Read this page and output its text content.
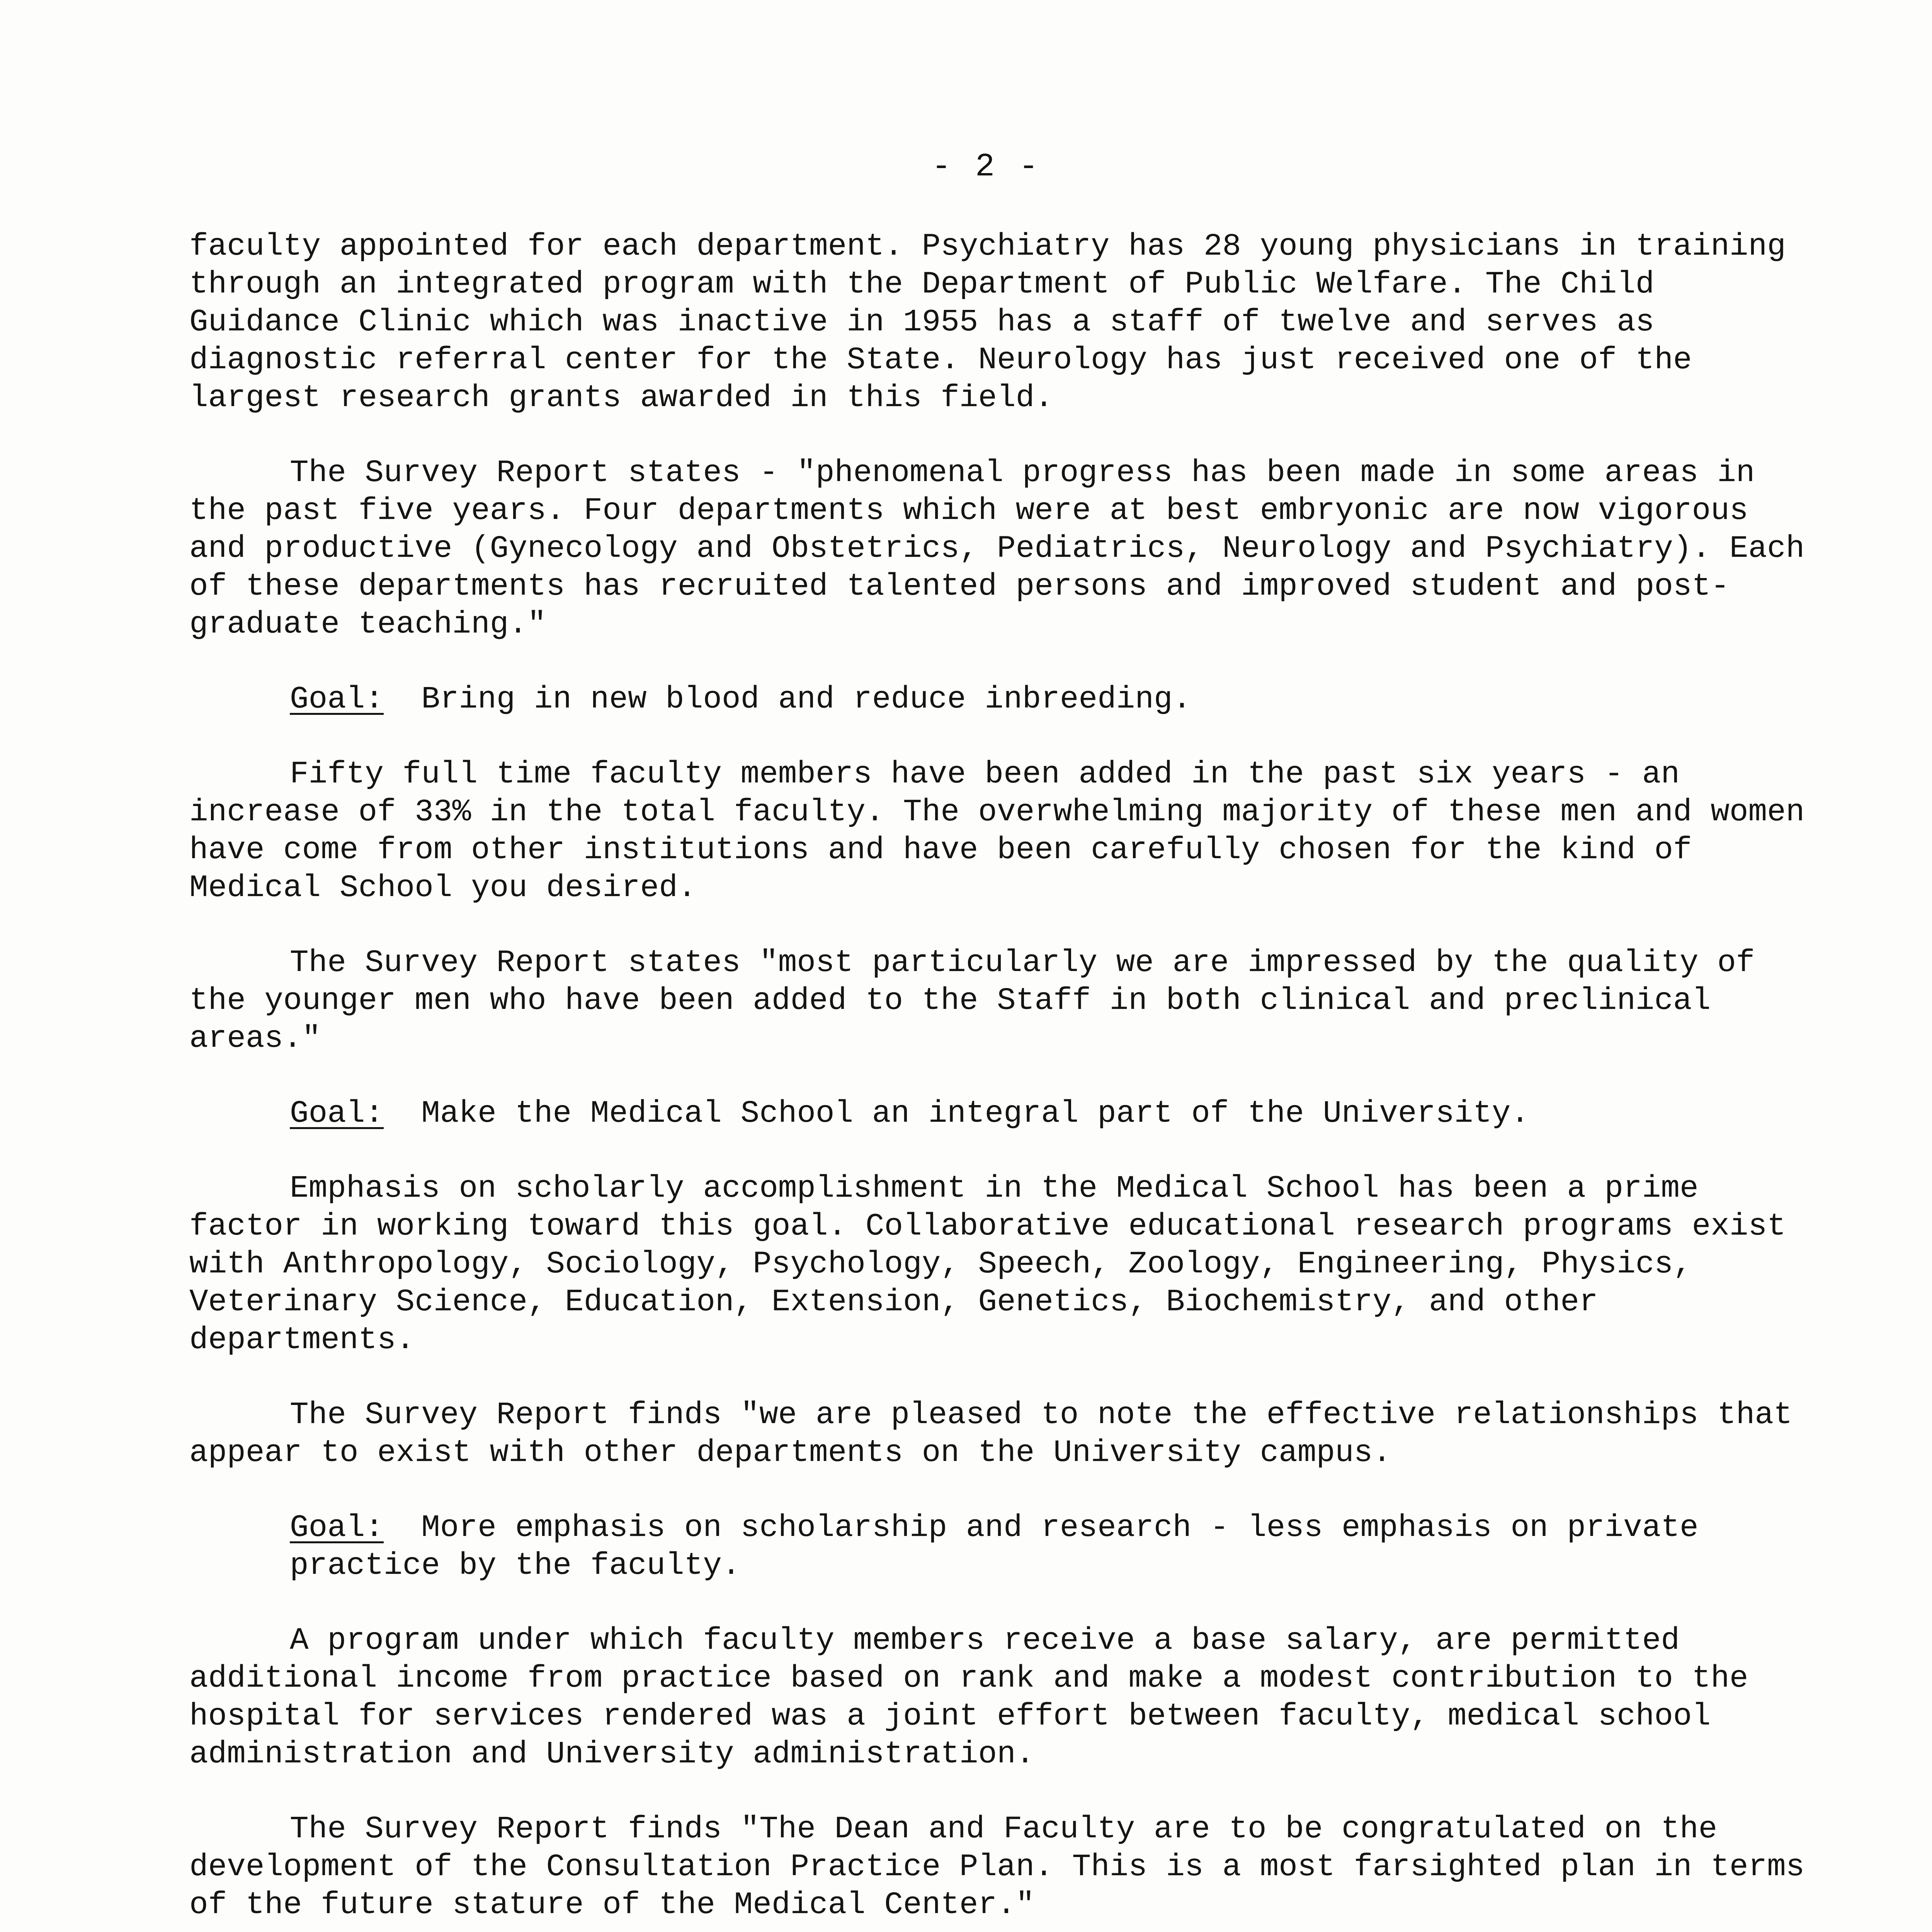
- 2 -

faculty appointed for each department. Psychiatry has 28 young physicians in training through an integrated program with the Department of Public Welfare. The Child Guidance Clinic which was inactive in 1955 has a staff of twelve and serves as diagnostic referral center for the State. Neurology has just received one of the largest research grants awarded in this field.

The Survey Report states - "phenomenal progress has been made in some areas in the past five years. Four departments which were at best embryonic are now vigorous and productive (Gynecology and Obstetrics, Pediatrics, Neurology and Psychiatry). Each of these departments has recruited talented persons and improved student and post-graduate teaching."

Goal:  Bring in new blood and reduce inbreeding.

Fifty full time faculty members have been added in the past six years - an increase of 33% in the total faculty. The overwhelming majority of these men and women have come from other institutions and have been carefully chosen for the kind of Medical School you desired.

The Survey Report states "most particularly we are impressed by the quality of the younger men who have been added to the Staff in both clinical and preclinical areas."

Goal:  Make the Medical School an integral part of the University.

Emphasis on scholarly accomplishment in the Medical School has been a prime factor in working toward this goal. Collaborative educational research programs exist with Anthropology, Sociology, Psychology, Speech, Zoology, Engineering, Physics, Veterinary Science, Education, Extension, Genetics, Biochemistry, and other departments.

The Survey Report finds "we are pleased to note the effective relationships that appear to exist with other departments on the University campus.

Goal:  More emphasis on scholarship and research - less emphasis on private practice by the faculty.

A program under which faculty members receive a base salary, are permitted additional income from practice based on rank and make a modest contribution to the hospital for services rendered was a joint effort between faculty, medical school administration and University administration.

The Survey Report finds "The Dean and Faculty are to be congratulated on the development of the Consultation Practice Plan. This is a most farsighted plan in terms of the future stature of the Medical Center."
